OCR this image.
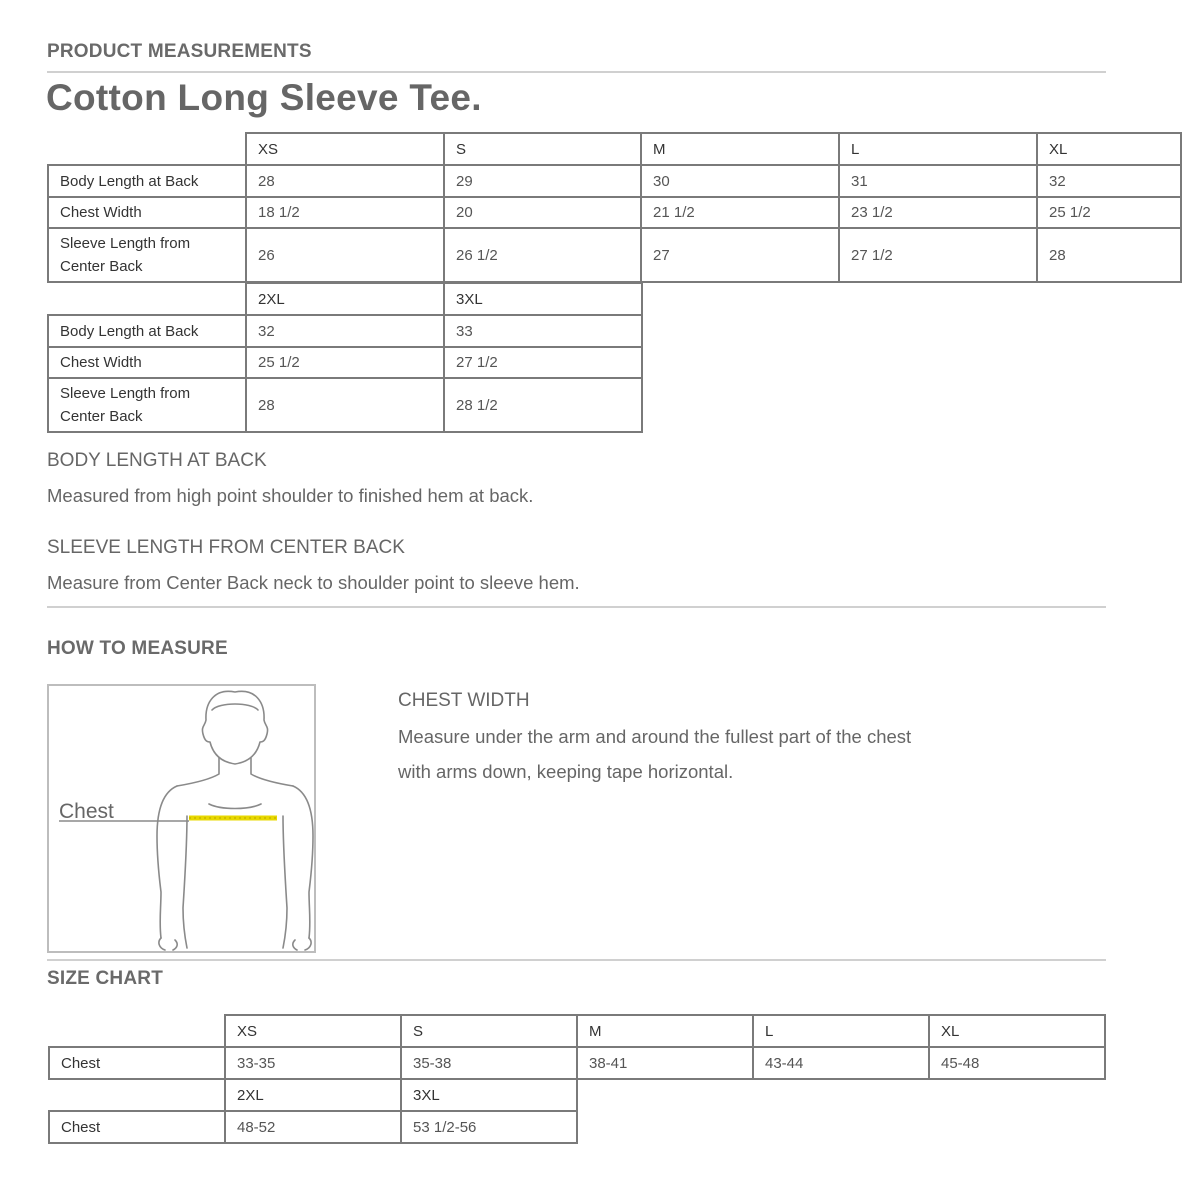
PRODUCT MEASUREMENTS
Cotton Long Sleeve Tee.
	XS	S	M	L	XL
Body Length at Back	28	29	30	31	32
Chest Width	18 1/2	20	21 1/2	23 1/2	25 1/2

Sleeve Length from
Center Back	26	26 1/2	27	27 1/2	28
	2XL	3XL
Body Length at Back	32	33
Chest Width	25 1/2	27 1/2

Sleeve Length from
Center Back	28	28 1/2
BODY LENGTH AT BACK
Measured from high point shoulder to finished hem at back.
SLEEVE LENGTH FROM CENTER BACK
Measure from Center Back neck to shoulder point to sleeve hem.
HOW TO MEASURE
Chest
CHEST WIDTH
Measure under the arm and around the fullest part of the chest
with arms down, keeping tape horizontal.
SIZE CHART
	XS	S	M	L	XL
Chest	33-35	35-38	38-41	43-44	45-48
	2XL	3XL
Chest	48-52	53 1/2-56
